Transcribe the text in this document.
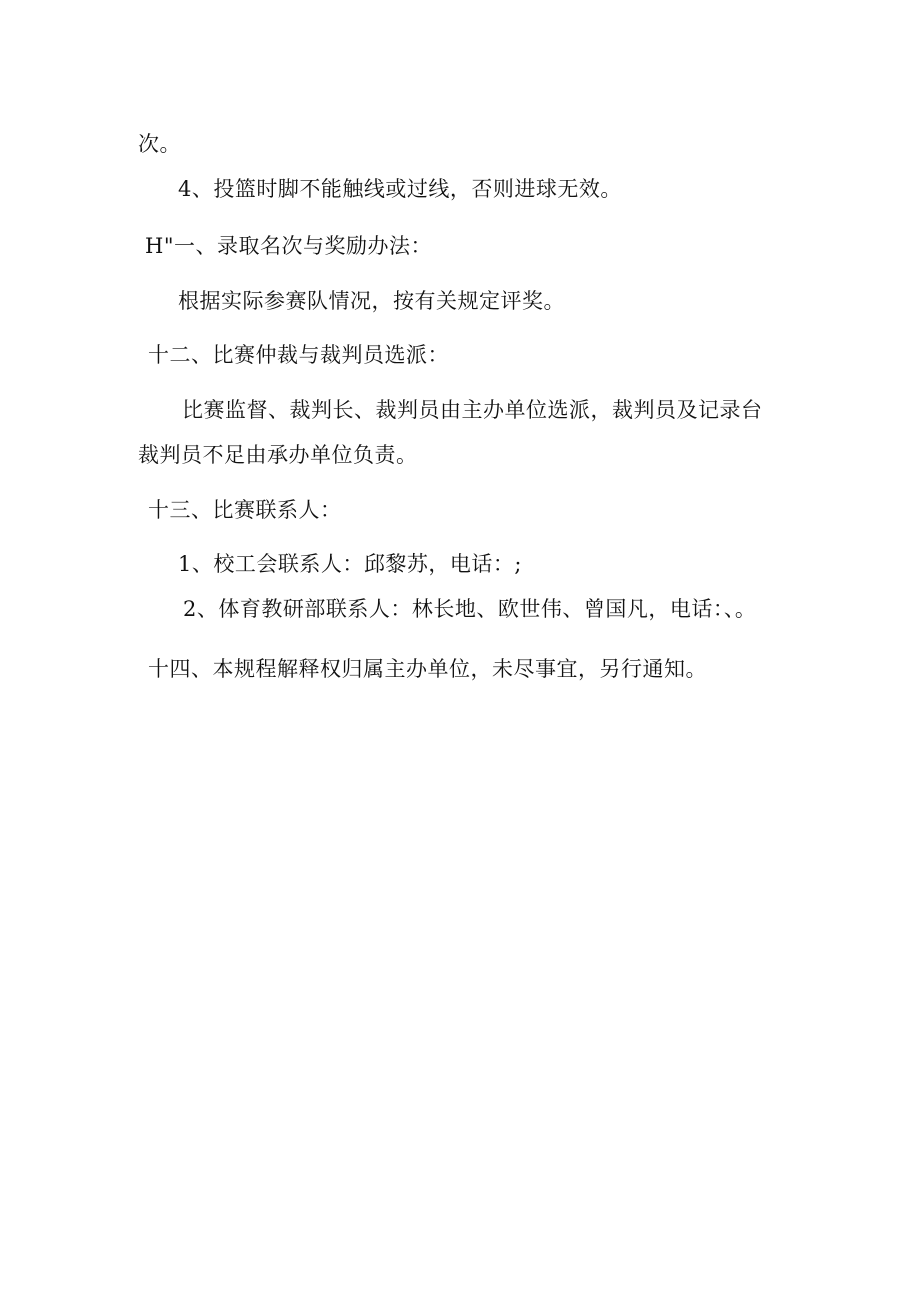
次。
4、投篮时脚不能触线或过线，否则进球无效。
H"一、录取名次与奖励办法：
根据实际参赛队情况，按有关规定评奖。
十二、比赛仲裁与裁判员选派：
比赛监督、裁判长、裁判员由主办单位选派，裁判员及记录台
裁判员不足由承办单位负责。
十三、比赛联系人：
1、校工会联系人：邱黎苏，电话：;
2、体育教研部联系人：林长地、欧世伟、曾国凡，电话：、。
十四、本规程解释权归属主办单位，未尽事宜，另行通知。
